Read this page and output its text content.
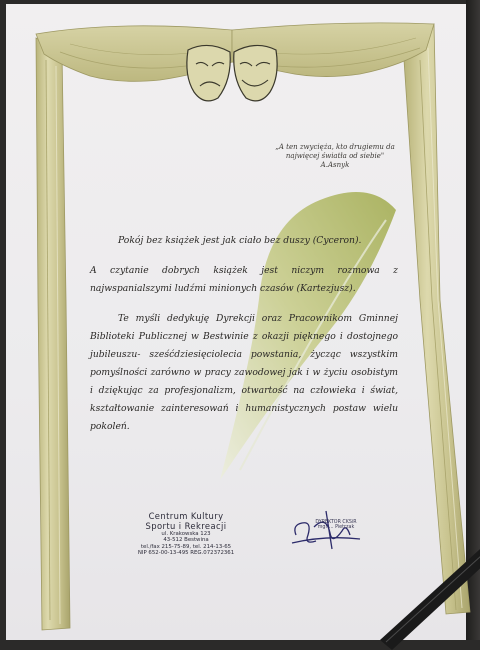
„A ten zwycięża, kto drugiemu da
najwięcej światła od siebie"
A.Asnyk

Pokój bez książek jest jak ciało bez duszy (Cyceron).

A czytanie dobrych książek jest niczym rozmowa z najwspanialszymi ludźmi minionych czasów (Kartezjusz).

Te myśli dedykuję Dyrekcji oraz Pracownikom Gminnej Biblioteki Publicznej w Bestwinie z okazji pięknego i dostojnego jubileuszu- sześćdziesięciolecia powstania, życząc wszystkim pomyślności zarówno w pracy zawodowej jak i w życiu osobistym i dziękując za profesjonalizm, otwartość na człowieka i świat, kształtowanie zainteresowań i humanistycznych postaw wielu pokoleń.

Centrum Kultury
Sportu i Rekreacji
ul. Krakowska 123
43-512 Bestwina
tel./fax 215-75-89, tel. 214-13-65
NIP 652-00-13-495 REG.072372361
DYREKTOR CKSiR
mgr ... Pietrzak
